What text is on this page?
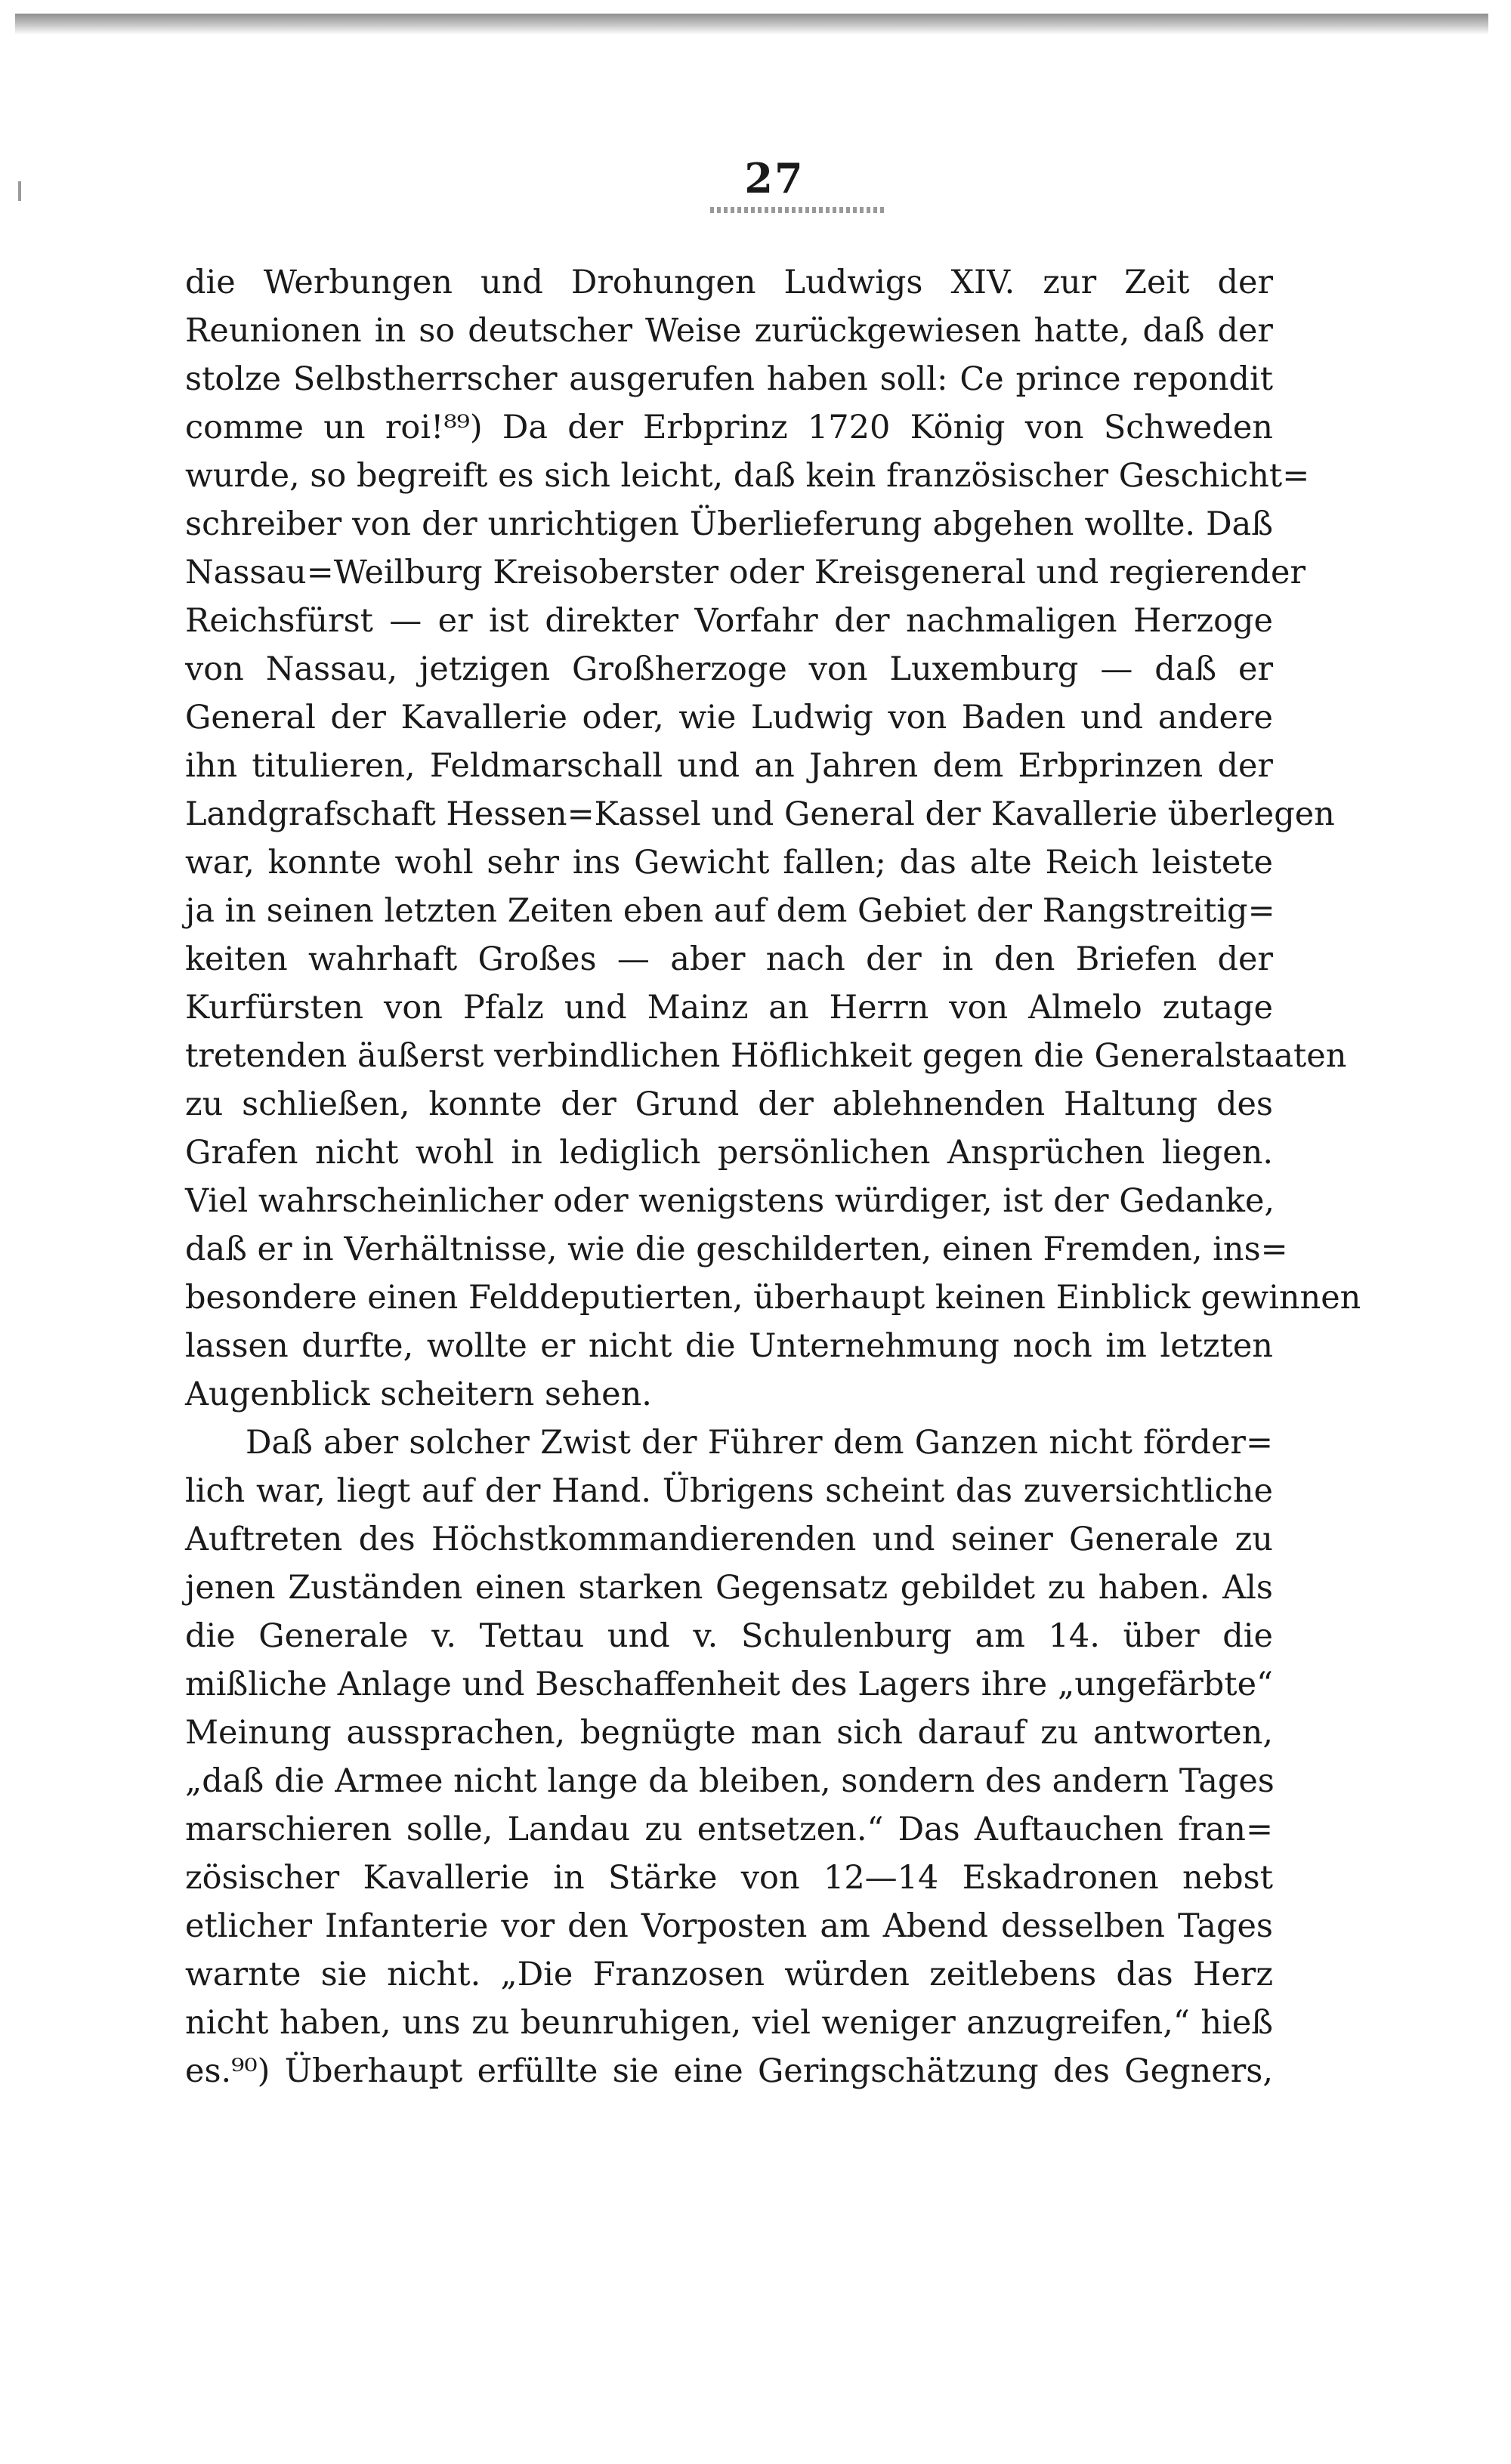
27
die Werbungen und Drohungen Ludwigs XIV. zur Zeit der
Reunionen in so deutscher Weise zurückgewiesen hatte, daß der
stolze Selbstherrscher ausgerufen haben soll: Ce prince repondit
comme un roi!⁸⁹) Da der Erbprinz 1720 König von Schweden
wurde, so begreift es sich leicht, daß kein französischer Geschicht=
schreiber von der unrichtigen Überlieferung abgehen wollte. Daß
Nassau=Weilburg Kreisoberster oder Kreisgeneral und regierender
Reichsfürst — er ist direkter Vorfahr der nachmaligen Herzoge
von Nassau, jetzigen Großherzoge von Luxemburg — daß er
General der Kavallerie oder, wie Ludwig von Baden und andere
ihn titulieren, Feldmarschall und an Jahren dem Erbprinzen der
Landgrafschaft Hessen=Kassel und General der Kavallerie überlegen
war, konnte wohl sehr ins Gewicht fallen; das alte Reich leistete
ja in seinen letzten Zeiten eben auf dem Gebiet der Rangstreitig=
keiten wahrhaft Großes — aber nach der in den Briefen der
Kurfürsten von Pfalz und Mainz an Herrn von Almelo zutage
tretenden äußerst verbindlichen Höflichkeit gegen die Generalstaaten
zu schließen, konnte der Grund der ablehnenden Haltung des
Grafen nicht wohl in lediglich persönlichen Ansprüchen liegen.
Viel wahrscheinlicher oder wenigstens würdiger, ist der Gedanke,
daß er in Verhältnisse, wie die geschilderten, einen Fremden, ins=
besondere einen Felddeputierten, überhaupt keinen Einblick gewinnen
lassen durfte, wollte er nicht die Unternehmung noch im letzten
Augenblick scheitern sehen.
Daß aber solcher Zwist der Führer dem Ganzen nicht förder=
lich war, liegt auf der Hand. Übrigens scheint das zuversichtliche
Auftreten des Höchstkommandierenden und seiner Generale zu
jenen Zuständen einen starken Gegensatz gebildet zu haben. Als
die Generale v. Tettau und v. Schulenburg am 14. über die
mißliche Anlage und Beschaffenheit des Lagers ihre „ungefärbte“
Meinung aussprachen, begnügte man sich darauf zu antworten,
„daß die Armee nicht lange da bleiben, sondern des andern Tages
marschieren solle, Landau zu entsetzen.“ Das Auftauchen fran=
zösischer Kavallerie in Stärke von 12—14 Eskadronen nebst
etlicher Infanterie vor den Vorposten am Abend desselben Tages
warnte sie nicht. „Die Franzosen würden zeitlebens das Herz
nicht haben, uns zu beunruhigen, viel weniger anzugreifen,“ hieß
es.⁹⁰) Überhaupt erfüllte sie eine Geringschätzung des Gegners,
